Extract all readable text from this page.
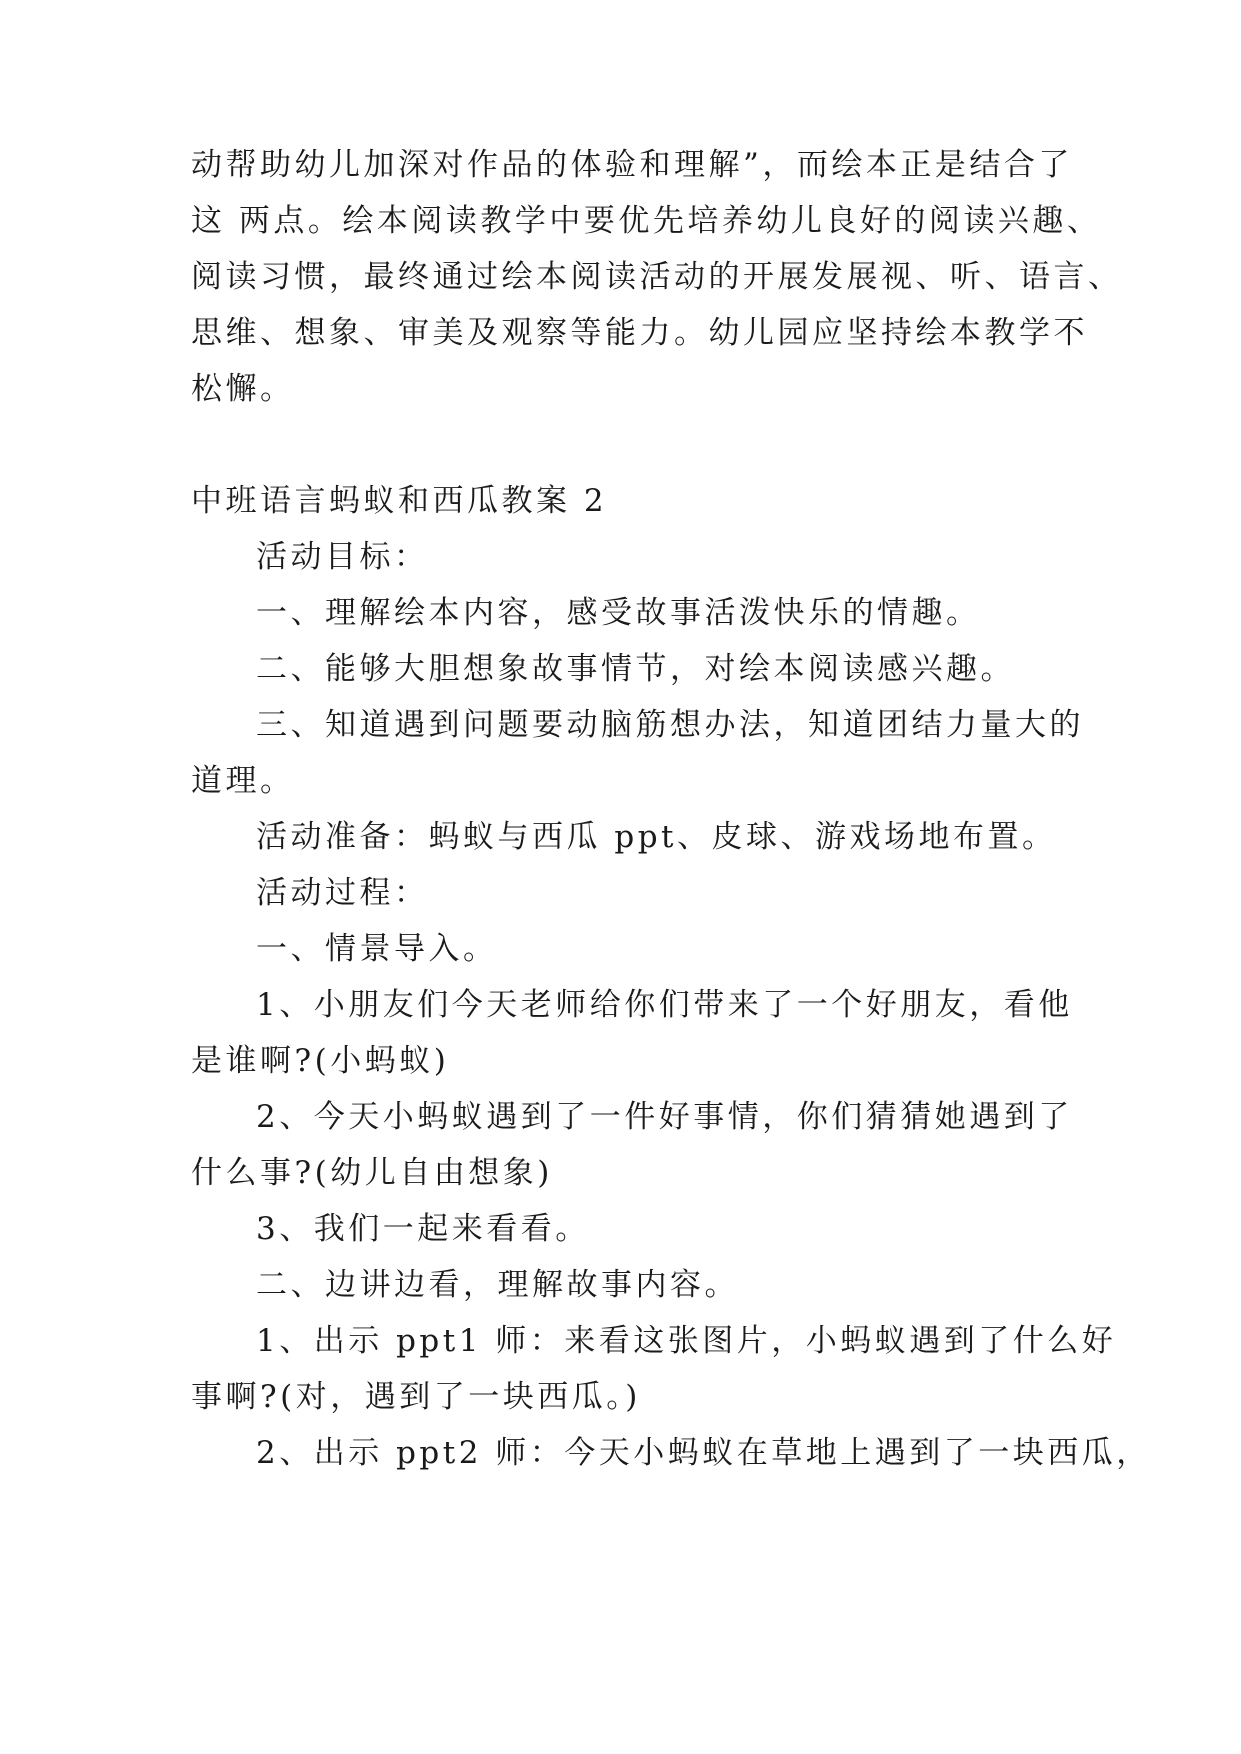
动帮助幼儿加深对作品的体验和理解”，而绘本正是结合了

这 两点。绘本阅读教学中要优先培养幼儿良好的阅读兴趣、

阅读习惯，最终通过绘本阅读活动的开展发展视、听、语言、

思维、想象、审美及观察等能力。幼儿园应坚持绘本教学不

松懈。

中班语言蚂蚁和西瓜教案 2

活动目标：

一、理解绘本内容，感受故事活泼快乐的情趣。

二、能够大胆想象故事情节，对绘本阅读感兴趣。

三、知道遇到问题要动脑筋想办法，知道团结力量大的

道理。

活动准备：蚂蚁与西瓜 ppt、皮球、游戏场地布置。

活动过程：

一、情景导入。

1、小朋友们今天老师给你们带来了一个好朋友，看他

是谁啊?(小蚂蚁)

2、今天小蚂蚁遇到了一件好事情，你们猜猜她遇到了

什么事?(幼儿自由想象)

3、我们一起来看看。

二、边讲边看，理解故事内容。

1、出示 ppt1 师：来看这张图片，小蚂蚁遇到了什么好

事啊?(对，遇到了一块西瓜。)

2、出示 ppt2 师：今天小蚂蚁在草地上遇到了一块西瓜，
